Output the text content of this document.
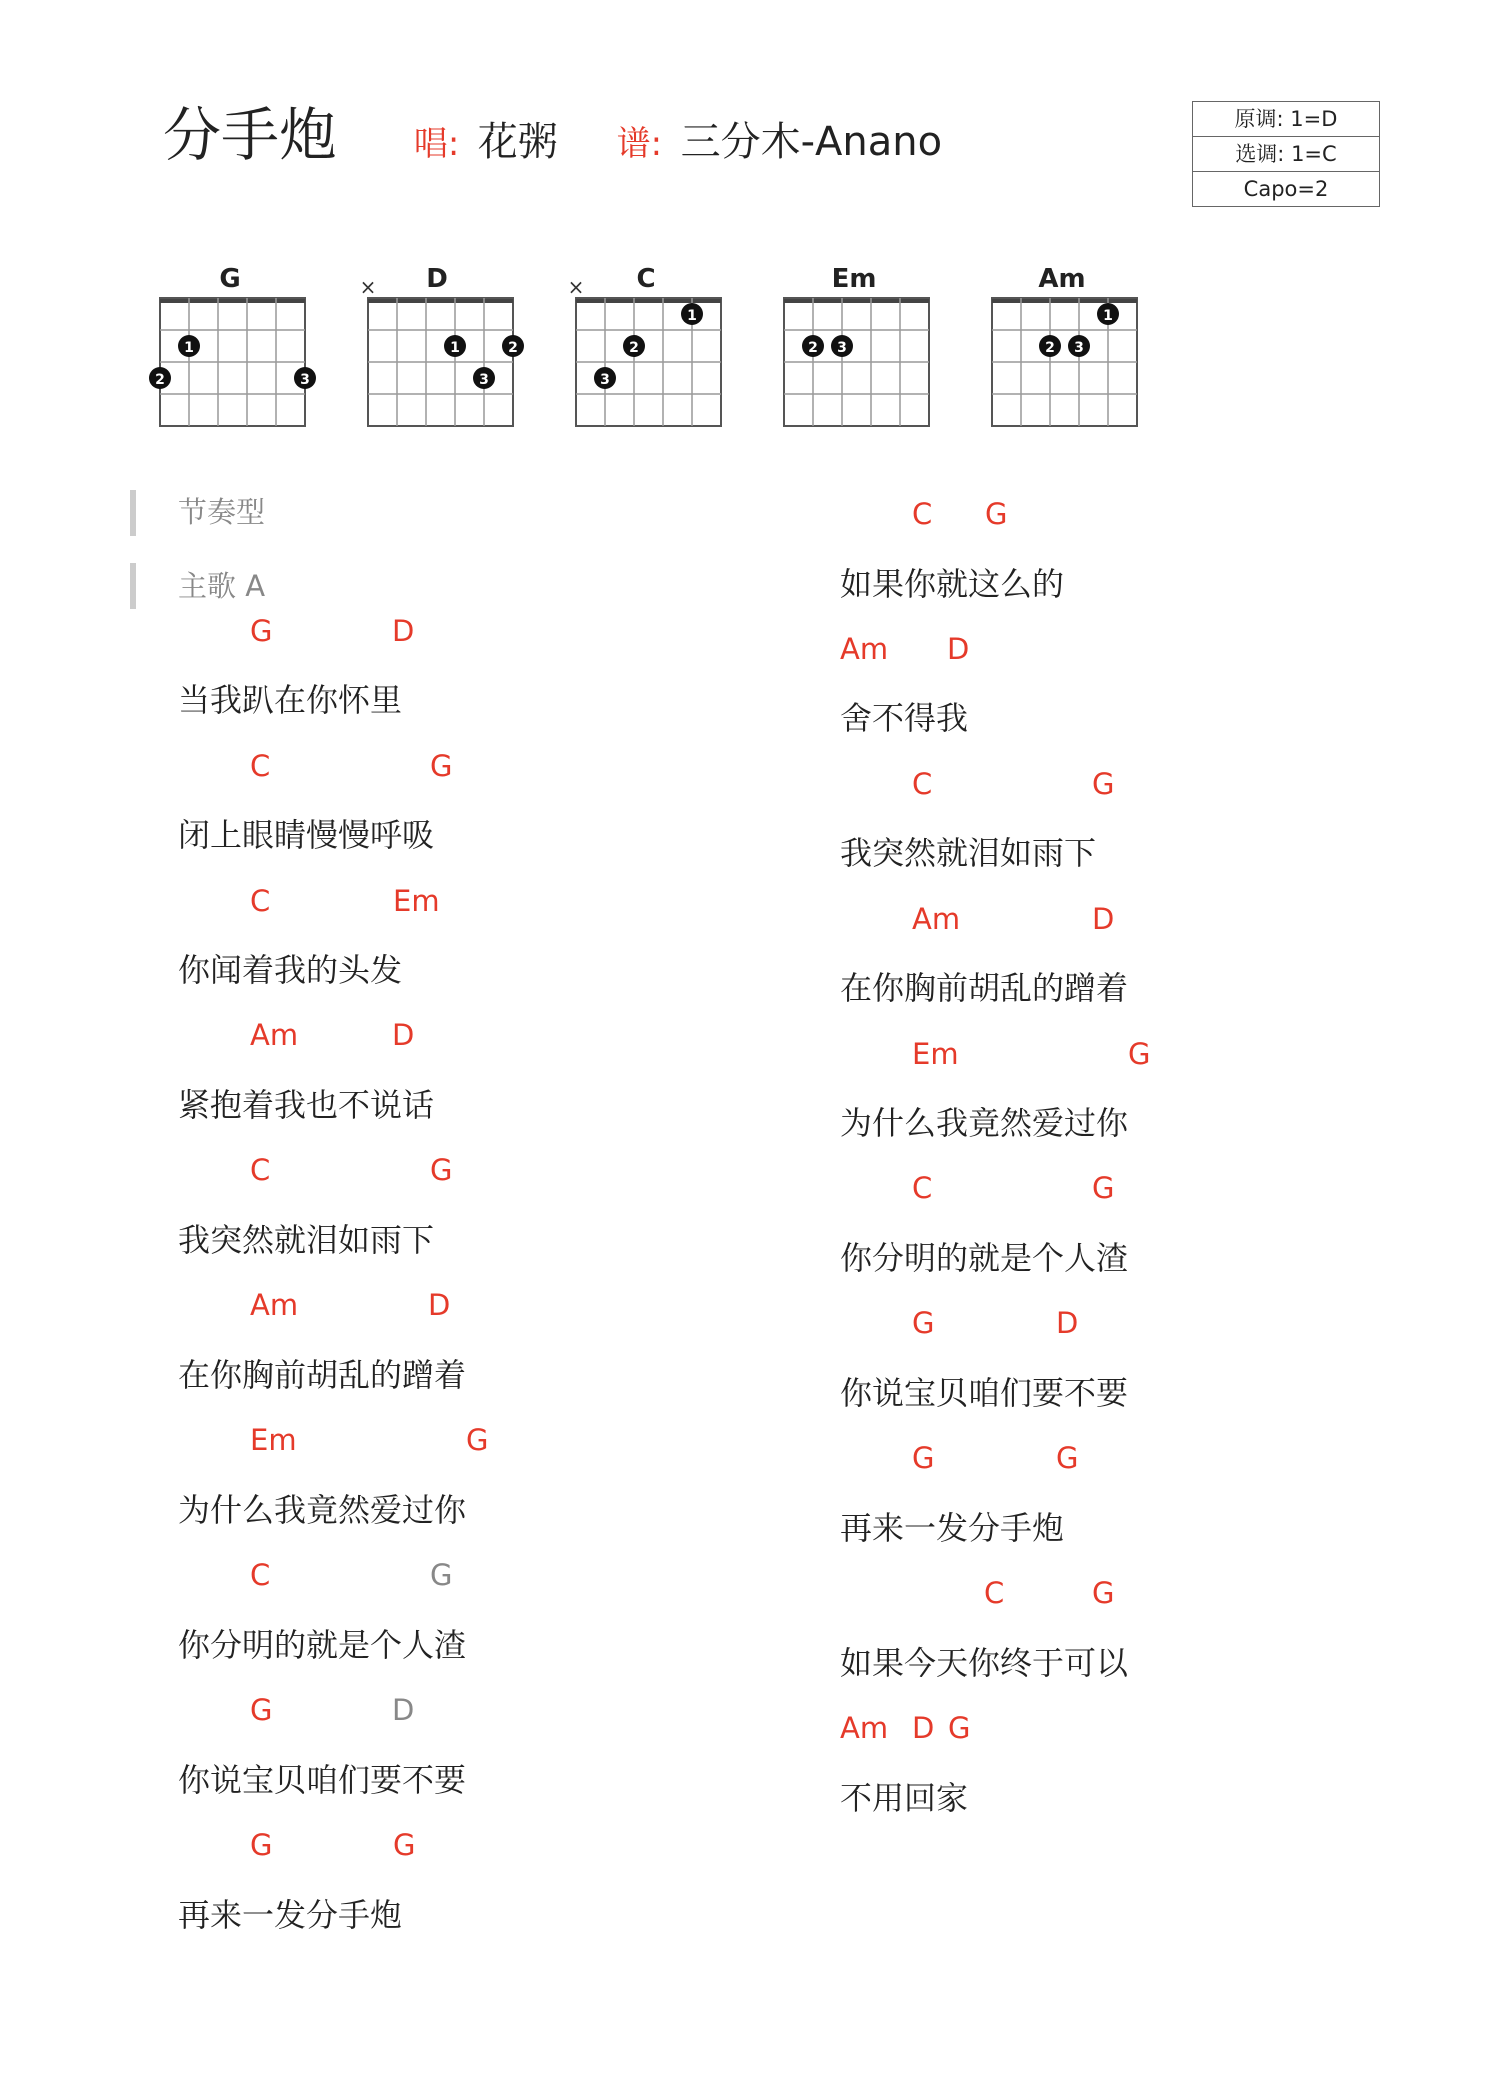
分手炮 唱: 花粥 谱: 三分木-Anano	原调: 1=D
选调: 1=C
Capo=2
G	D	C	Em	Am
1
2	3
×
1	2
3
×
1
2
3
2 3
1
2 3
节奏型
主歌 A
G	D
当我趴在你怀里
C	G
闭上眼睛慢慢呼吸
C	Em
你闻着我的头发
Am	D
紧抱着我也不说话
C	G
我突然就泪如雨下
Am	D
在你胸前胡乱的蹭着
Em	G
为什么我竟然爱过你
C	G
你分明的就是个人渣
G	D
你说宝贝咱们要不要
G	G
再来一发分手炮
C G
如果你就这么的
Am D
舍不得我
C	G
我突然就泪如雨下
Am	D
在你胸前胡乱的蹭着
Em	G
为什么我竟然爱过你
C	G
你分明的就是个人渣
G	D
你说宝贝咱们要不要
G	G
再来一发分手炮
C	G
如果今天你终于可以
Am D G
不用回家
